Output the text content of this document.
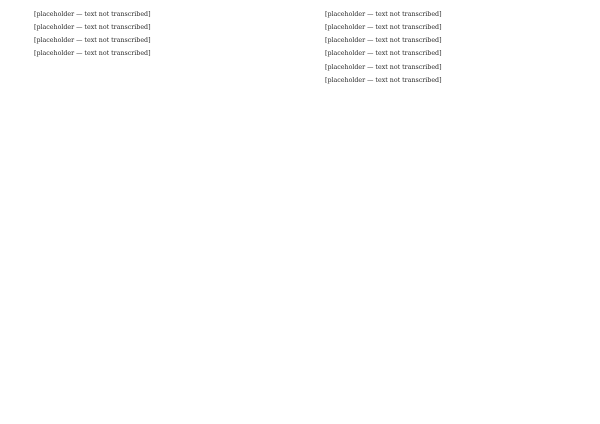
[placeholder — text not transcribed]

[placeholder — text not transcribed]

[placeholder — text not transcribed]

[placeholder — text not transcribed]

[placeholder — text not transcribed]

[placeholder — text not transcribed]

[placeholder — text not transcribed]

[placeholder — text not transcribed]

[placeholder — text not transcribed]

[placeholder — text not transcribed]
